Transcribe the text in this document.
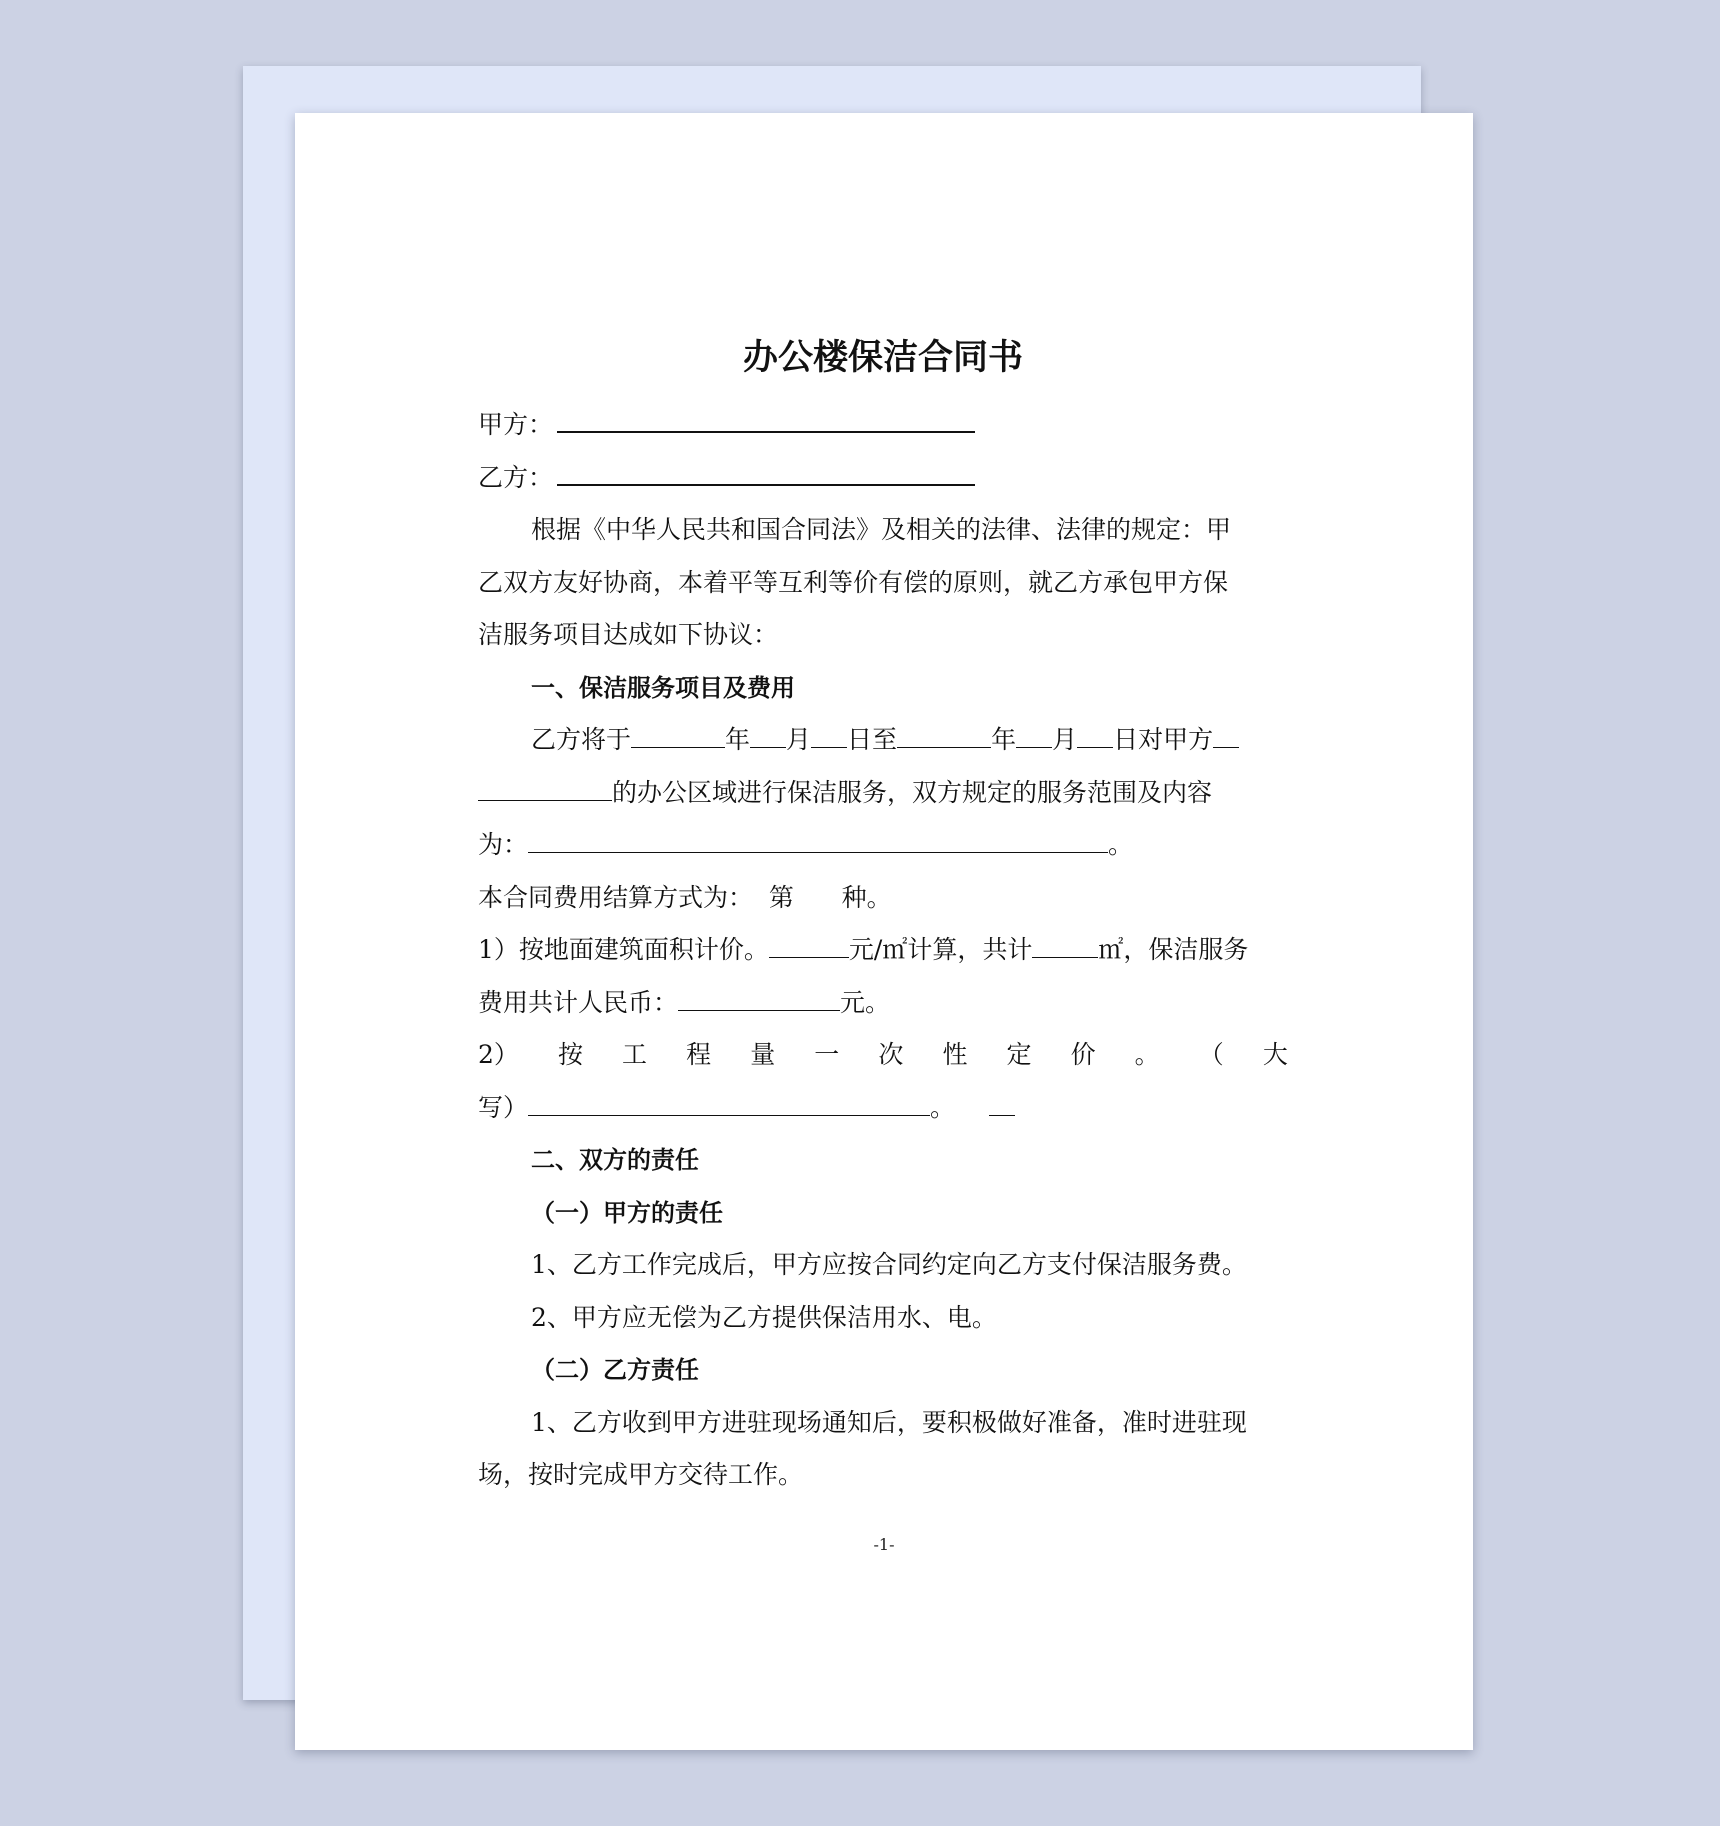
办公楼保洁合同书
甲方：
乙方：
根据《中华人民共和国合同法》及相关的法律、法律的规定：甲
乙双方友好协商，本着平等互利等价有偿的原则，就乙方承包甲方保
洁服务项目达成如下协议：
一、保洁服务项目及费用
乙方将于	年 月 日至	年 月 日对甲方
的办公区域进行保洁服务，双方规定的服务范围及内容
为：	。
本合同费用结算方式为：  第      种。
1）按地面建筑面积计价。	元/㎡计算，共计	㎡，保洁服务
费用共计人民币：	元。
2） 按 工 程 量 一 次 性 定 价 。 （ 大
写）	。
二、双方的责任
（一）甲方的责任
1、乙方工作完成后，甲方应按合同约定向乙方支付保洁服务费。
2、甲方应无偿为乙方提供保洁用水、电。
（二）乙方责任
1、乙方收到甲方进驻现场通知后，要积极做好准备，准时进驻现
场，按时完成甲方交待工作。
-1-
